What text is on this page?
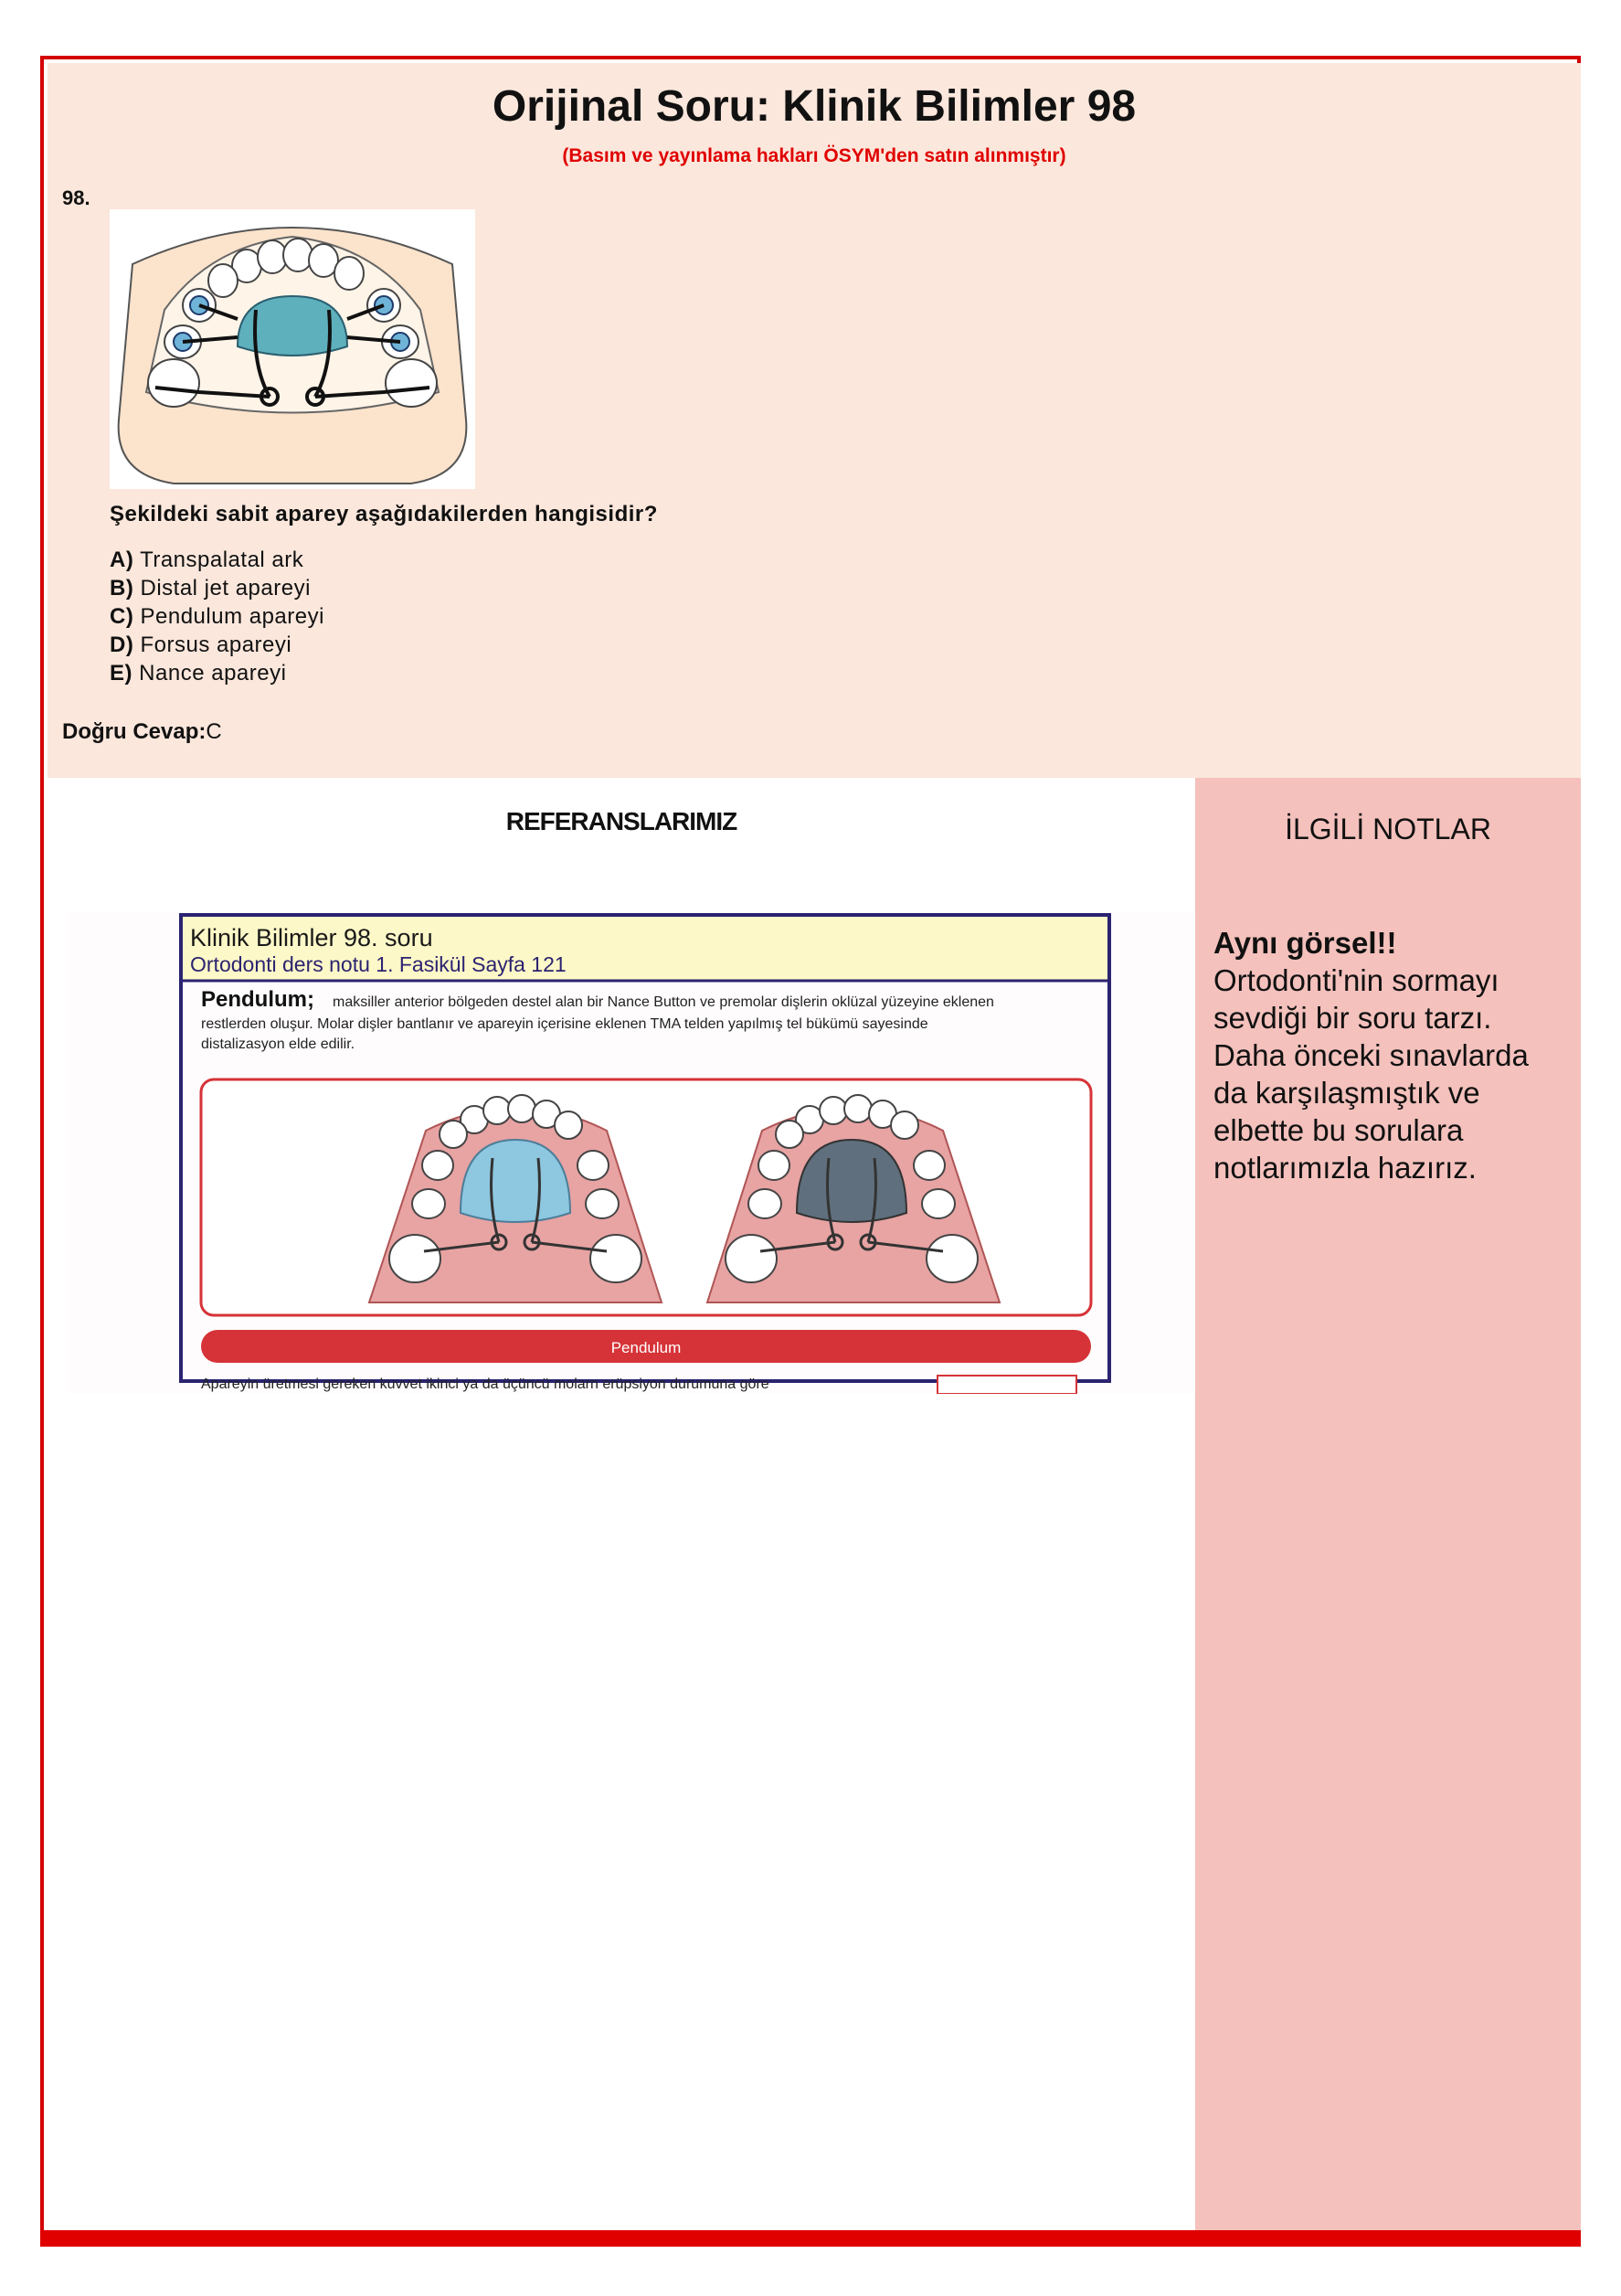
Orijinal Soru: Klinik Bilimler 98
(Basım ve yayınlama hakları ÖSYM'den satın alınmıştır)
98.
Şekildeki sabit aparey aşağıdakilerden hangisidir?
A) Transpalatal ark
B) Distal jet apareyi
C) Pendulum apareyi
D) Forsus apareyi
E) Nance apareyi
Doğru Cevap:C
REFERANSLARIMIZ
Klinik Bilimler 98. soru
Ortodonti ders notu 1. Fasikül Sayfa 121
Pendulum; maksiller anterior bölgeden destel alan bir Nance Button ve premolar dişlerin oklüzal yüzeyine eklenen
restlerden oluşur. Molar dişler bantlanır ve apareyin içerisine eklenen TMA telden yapılmış tel bükümü sayesinde
distalizasyon elde edilir.
Pendulum
Apareyin üretmesi gereken kuvvet ikinci ya da üçüncü molarn erüpsiyon durumuna göre
İLGİLİ NOTLAR
Aynı görsel!!
Ortodonti'nin sormayı
sevdiği bir soru tarzı.
Daha önceki sınavlarda
da karşılaşmıştık ve
elbette bu sorulara
notlarımızla hazırız.
